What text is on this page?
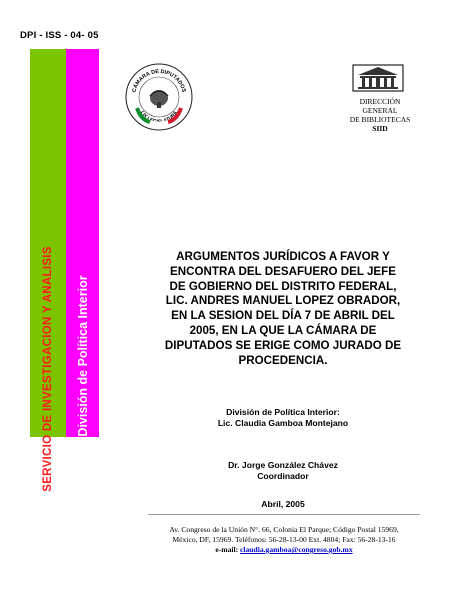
DPI - ISS - 04- 05
SERVICIO DE INVESTIGACION Y ANALISIS División de Política Interior
CÁMARA DE DIPUTADOS
LIX LEGISLATURA
DIRECCIÓN
GENERAL
DE BIBLIOTECAS
SIID
ARGUMENTOS JURÍDICOS A FAVOR Y
ENCONTRA DEL DESAFUERO DEL JEFE
DE GOBIERNO DEL DISTRITO FEDERAL,
LIC. ANDRES MANUEL LOPEZ OBRADOR,
EN LA SESION DEL DÍA 7 DE ABRIL DEL
2005, EN LA QUE LA CÁMARA DE
DIPUTADOS SE ERIGE COMO JURADO DE
PROCEDENCIA.
División de Política Interior:
Lic. Claudia Gamboa Montejano
Dr. Jorge González Chávez
Coordinador
Abril, 2005
Av. Congreso de la Unión N°. 66, Colonia El Parque; Código Postal 15969,
México, DF, 15969. Teléfonos: 56-28-13-00 Ext. 4804; Fax: 56-28-13-16
e-mail: claudia.gamboa@congreso.gob.mx
